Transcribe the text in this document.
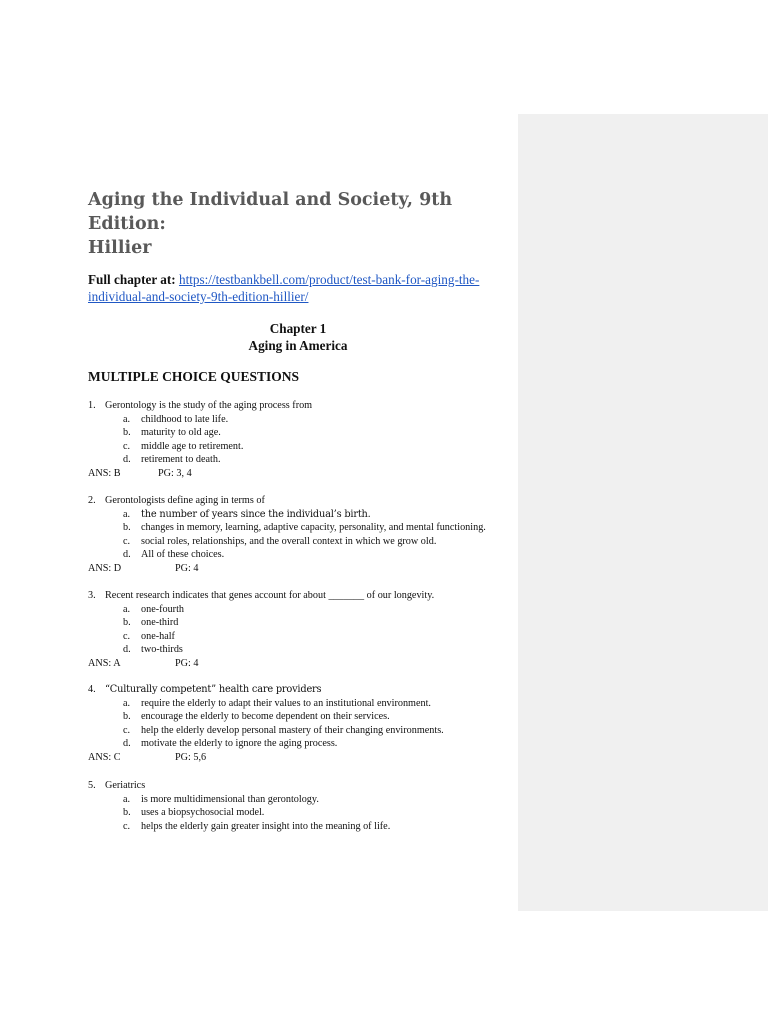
Aging the Individual and Society, 9th Edition:
Hillier

Full chapter at: https://testbankbell.com/product/test-bank-for-aging-the-
individual-and-society-9th-edition-hillier/

Chapter 1

Aging in America

MULTIPLE CHOICE QUESTIONS
1. Gerontology is the study of the aging process from
a. childhood to late life.
b. maturity to old age.
c. middle age to retirement.
d. retirement to death.
ANS: B	PG: 3, 4
2. Gerontologists define aging in terms of
a. the number of years since the individual’s birth.
b. changes in memory, learning, adaptive capacity, personality, and mental functioning.
c. social roles, relationships, and the overall context in which we grow old.
d. All of these choices.
ANS: D	PG: 4
3. Recent research indicates that genes account for about _______ of our longevity.
a. one-fourth
b. one-third
c. one-half
d. two-thirds
ANS: A	PG: 4
4. “Culturally competent” health care providers
a. require the elderly to adapt their values to an institutional environment.
b. encourage the elderly to become dependent on their services.
c. help the elderly develop personal mastery of their changing environments.
d. motivate the elderly to ignore the aging process.
ANS: C	PG: 5,6
5. Geriatrics
a. is more multidimensional than gerontology.
b. uses a biopsychosocial model.
c. helps the elderly gain greater insight into the meaning of life.
